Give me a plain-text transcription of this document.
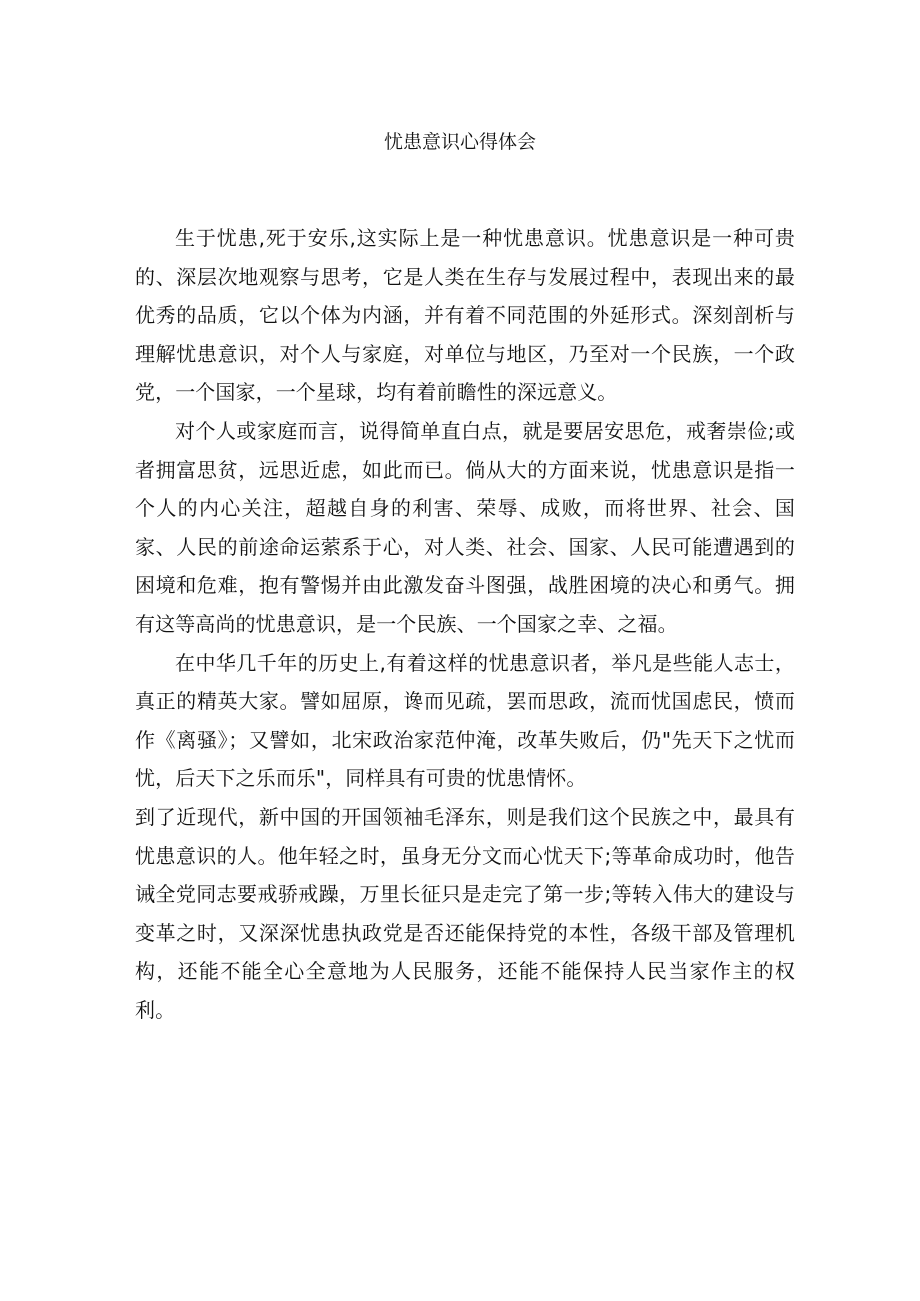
忧患意识心得体会

生于忧患,死于安乐,这实际上是一种忧患意识。忧患意识是一种可贵的、深层次地观察与思考，它是人类在生存与发展过程中，表现出来的最优秀的品质，它以个体为内涵，并有着不同范围的外延形式。深刻剖析与理解忧患意识，对个人与家庭，对单位与地区，乃至对一个民族，一个政党，一个国家，一个星球，均有着前瞻性的深远意义。

对个人或家庭而言，说得简单直白点，就是要居安思危，戒奢崇俭;或者拥富思贫，远思近虑，如此而已。倘从大的方面来说，忧患意识是指一个人的内心关注，超越自身的利害、荣辱、成败，而将世界、社会、国家、人民的前途命运萦系于心，对人类、社会、国家、人民可能遭遇到的困境和危难，抱有警惕并由此激发奋斗图强，战胜困境的决心和勇气。拥有这等高尚的忧患意识，是一个民族、一个国家之幸、之福。

在中华几千年的历史上,有着这样的忧患意识者，举凡是些能人志士，真正的精英大家。譬如屈原，谗而见疏，罢而思政，流而忧国虑民，愤而作《离骚》；又譬如，北宋政治家范仲淹，改革失败后，仍"先天下之忧而忧，后天下之乐而乐"，同样具有可贵的忧患情怀。

到了近现代，新中国的开国领袖毛泽东，则是我们这个民族之中，最具有忧患意识的人。他年轻之时，虽身无分文而心忧天下;等革命成功时，他告诫全党同志要戒骄戒躁，万里长征只是走完了第一步;等转入伟大的建设与变革之时，又深深忧患执政党是否还能保持党的本性，各级干部及管理机构，还能不能全心全意地为人民服务，还能不能保持人民当家作主的权利。
